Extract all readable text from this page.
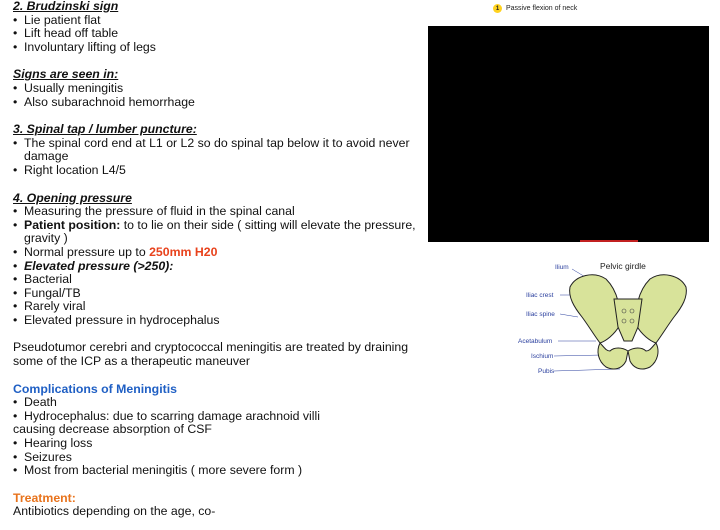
2. Brudzinski sign
• Lie patient flat
• Lift head off table
• Involuntary lifting of legs
Signs are seen in:
• Usually meningitis
• Also subarachnoid hemorrhage
3. Spinal tap / lumber puncture:
• The spinal cord end at L1 or L2 so do spinal tap below it to avoid never damage
• Right location L4/5
4. Opening pressure
• Measuring the pressure of fluid in the spinal canal
• Patient position: to to lie on their side ( sitting will elevate the pressure, gravity )
• Normal pressure up to 250mm H20
• Elevated pressure (>250):
• Bacterial
• Fungal/TB
• Rarely viral
• Elevated pressure in hydrocephalus
Pseudotumor cerebri and cryptococcal meningitis are treated by draining some of the ICP as a therapeutic maneuver
Complications of Meningitis
• Death
• Hydrocephalus: due to scarring damage arachnoid villi
causing decrease absorption of CSF
• Hearing loss
• Seizures
• Most from bacterial meningitis ( more severe form )
Treatment:
Antibiotics depending on the age, co-
1 Passive flexion of neck
Pelvic girdle
Ilium
Iliac crest
Iliac spine
Acetabulum
Ischium
Pubis
